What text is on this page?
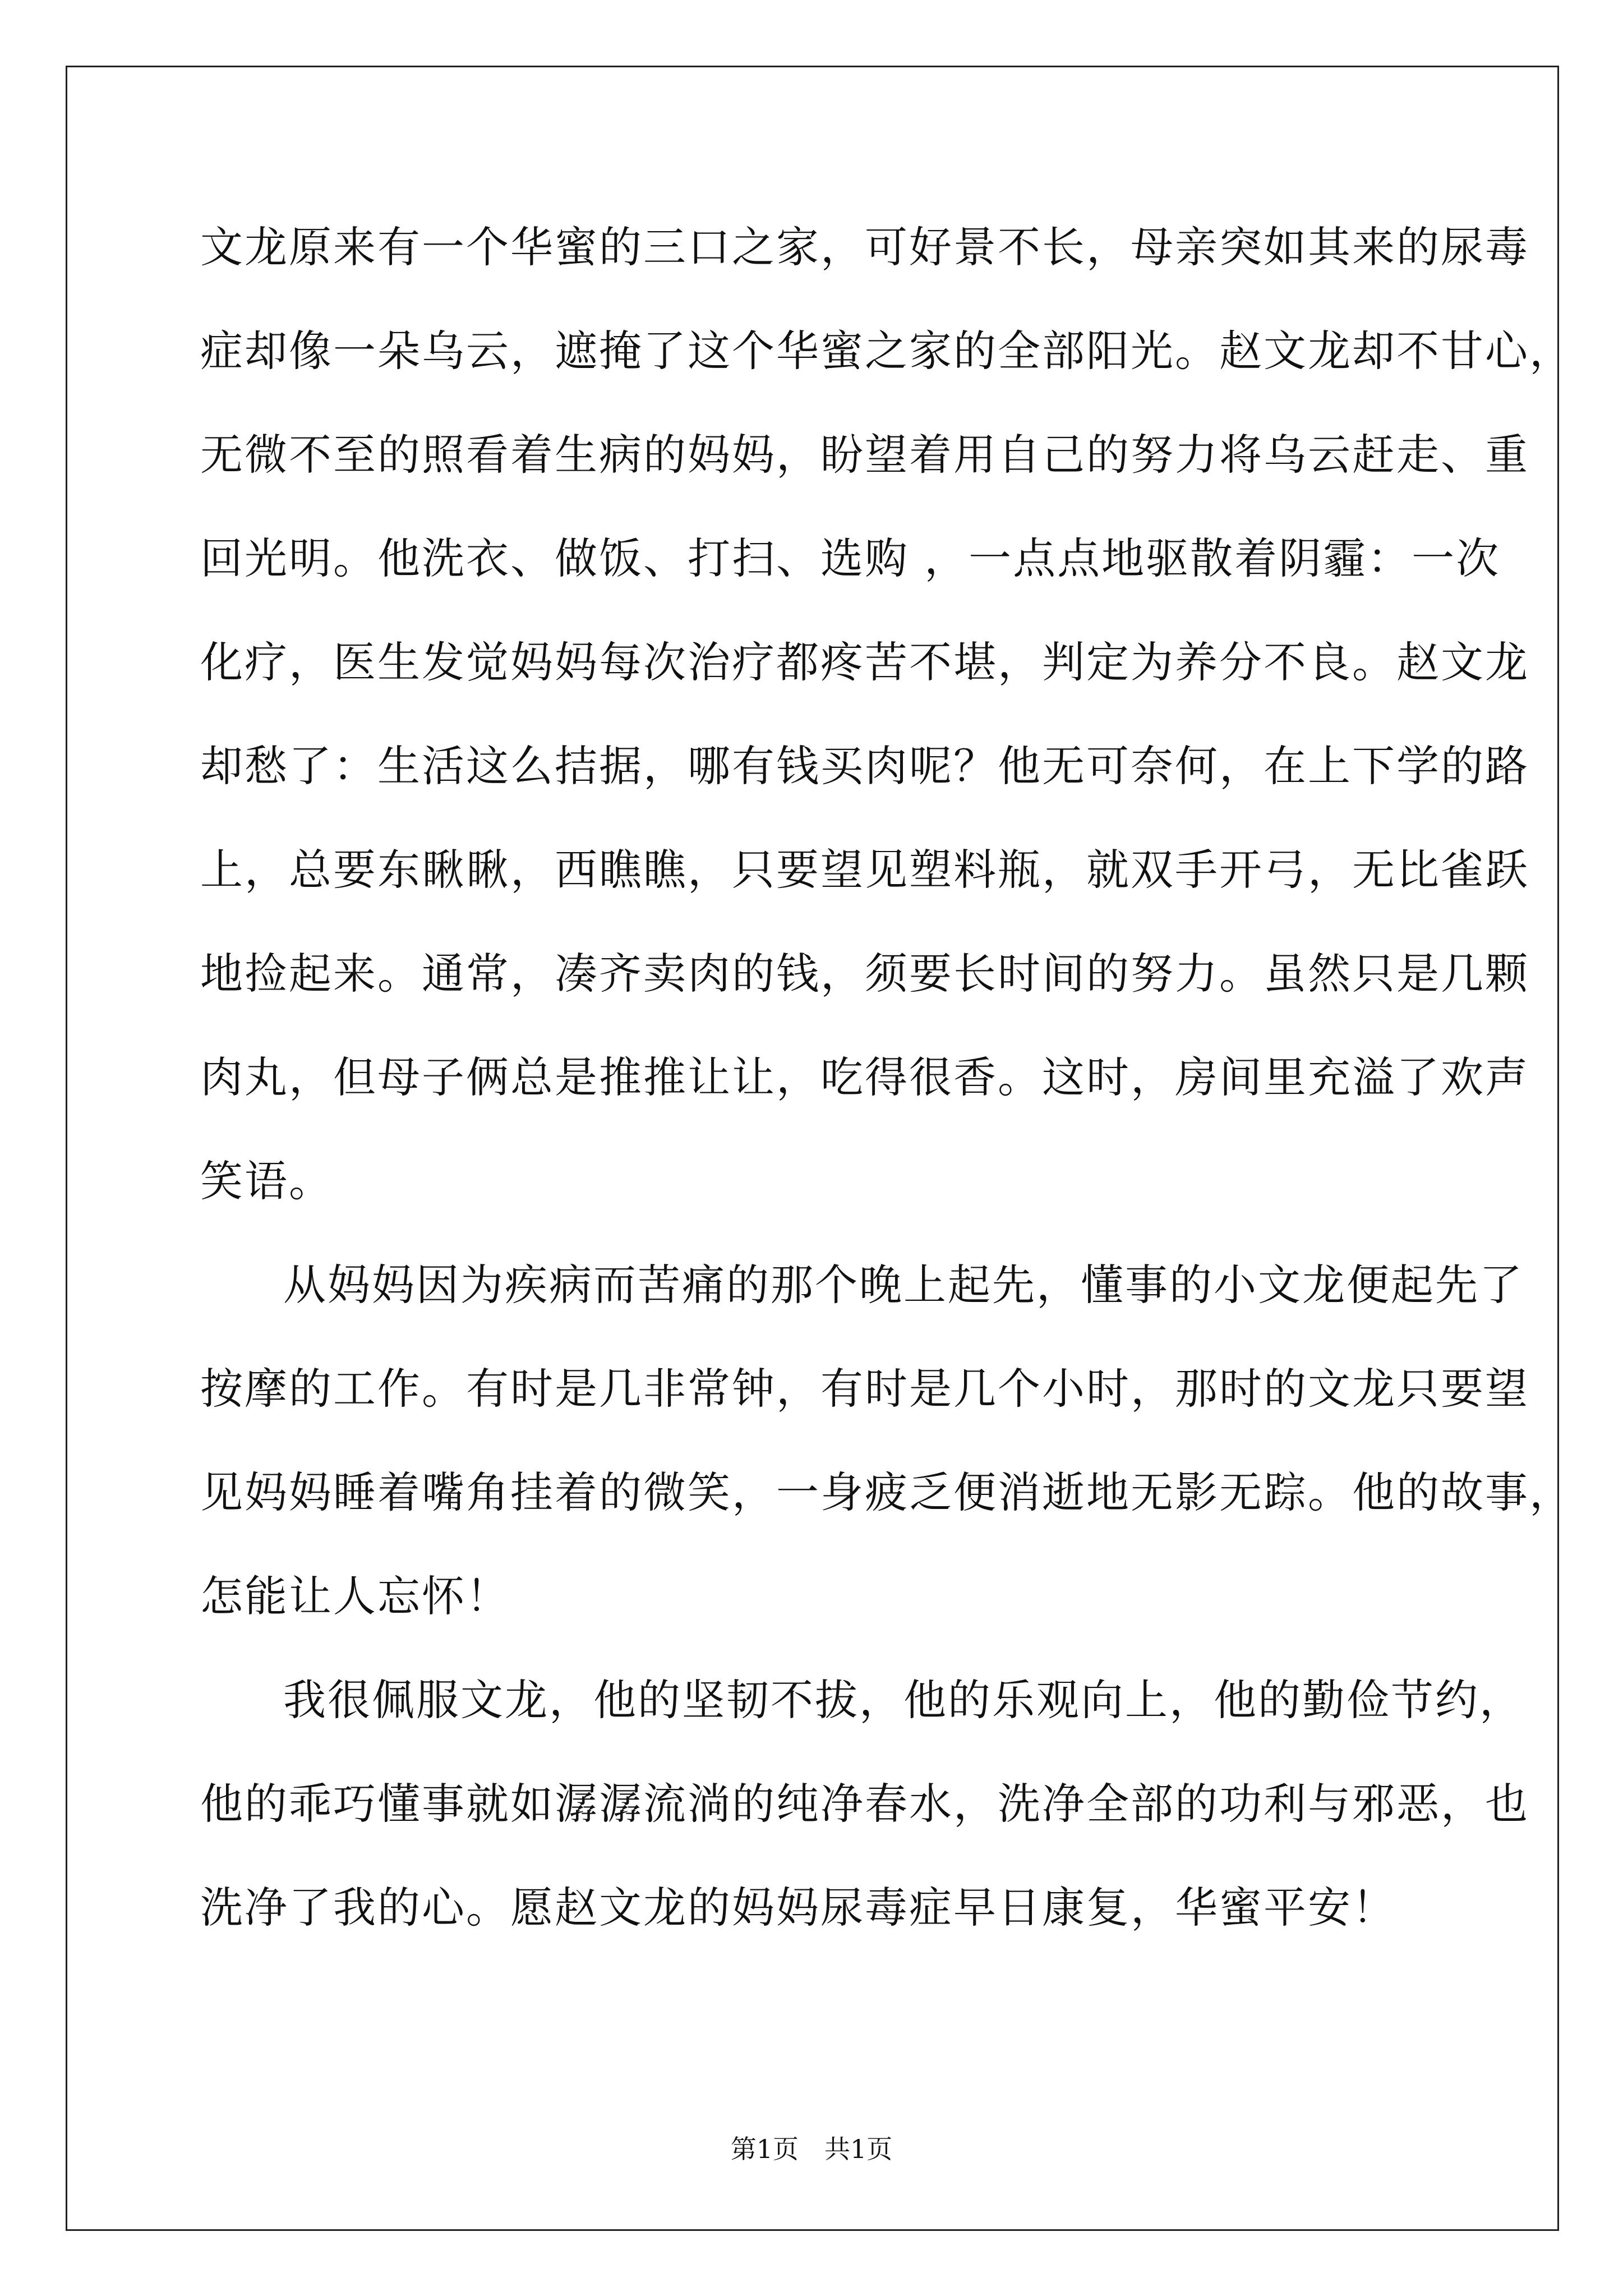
文龙原来有一个华蜜的三口之家，可好景不长，母亲突如其来的尿毒
症却像一朵乌云，遮掩了这个华蜜之家的全部阳光。赵文龙却不甘心，
无微不至的照看着生病的妈妈，盼望着用自己的努力将乌云赶走、重
回光明。他洗衣、做饭、打扫、选购 ，一点点地驱散着阴霾：一次
化疗，医生发觉妈妈每次治疗都疼苦不堪，判定为养分不良。赵文龙
却愁了：生活这么拮据，哪有钱买肉呢？他无可奈何，在上下学的路
上，总要东瞅瞅，西瞧瞧，只要望见塑料瓶，就双手开弓，无比雀跃
地捡起来。通常，凑齐卖肉的钱，须要长时间的努力。虽然只是几颗
肉丸，但母子俩总是推推让让，吃得很香。这时，房间里充溢了欢声
笑语。
从妈妈因为疾病而苦痛的那个晚上起先，懂事的小文龙便起先了
按摩的工作。有时是几非常钟，有时是几个小时，那时的文龙只要望
见妈妈睡着嘴角挂着的微笑，一身疲乏便消逝地无影无踪。他的故事，
怎能让人忘怀！
我很佩服文龙，他的坚韧不拔，他的乐观向上，他的勤俭节约，
他的乖巧懂事就如潺潺流淌的纯净春水，洗净全部的功利与邪恶，也
洗净了我的心。愿赵文龙的妈妈尿毒症早日康复，华蜜平安！
第1页　共1页
